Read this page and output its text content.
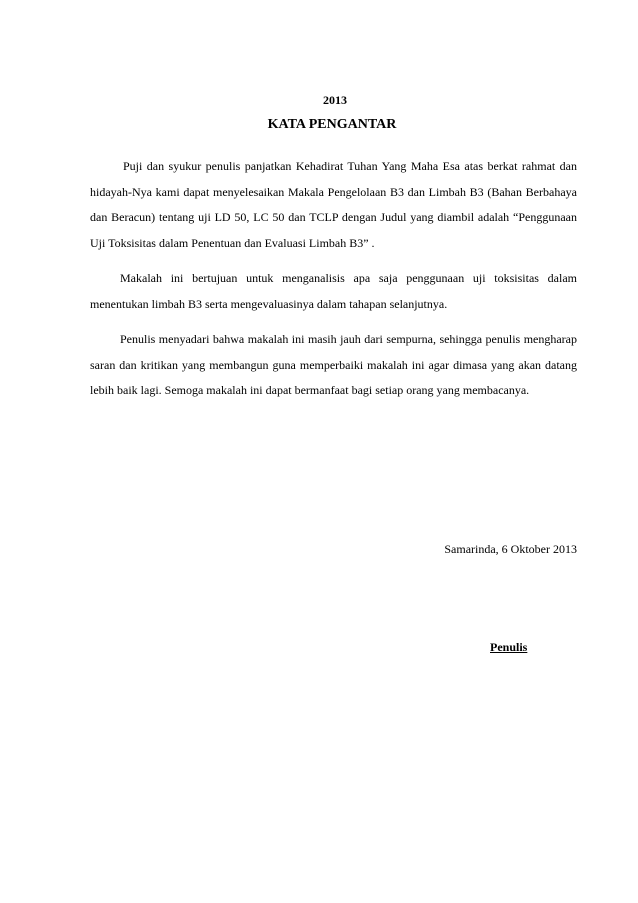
2013
KATA PENGANTAR

Puji dan syukur penulis panjatkan Kehadirat Tuhan Yang Maha Esa atas berkat rahmat dan hidayah-Nya kami dapat menyelesaikan Makala Pengelolaan B3 dan Limbah B3 (Bahan Berbahaya dan Beracun) tentang uji LD 50, LC 50 dan TCLP dengan Judul yang diambil adalah “Penggunaan Uji Toksisitas dalam Penentuan dan Evaluasi Limbah B3” .

Makalah ini bertujuan untuk menganalisis apa saja penggunaan uji toksisitas dalam menentukan limbah B3 serta mengevaluasinya dalam tahapan selanjutnya.

Penulis menyadari bahwa makalah ini masih jauh dari sempurna, sehingga penulis mengharap saran dan kritikan yang membangun guna memperbaiki makalah ini agar dimasa yang akan datang lebih baik lagi. Semoga makalah ini dapat bermanfaat bagi setiap orang yang membacanya.

Samarinda, 6 Oktober 2013
Penulis
